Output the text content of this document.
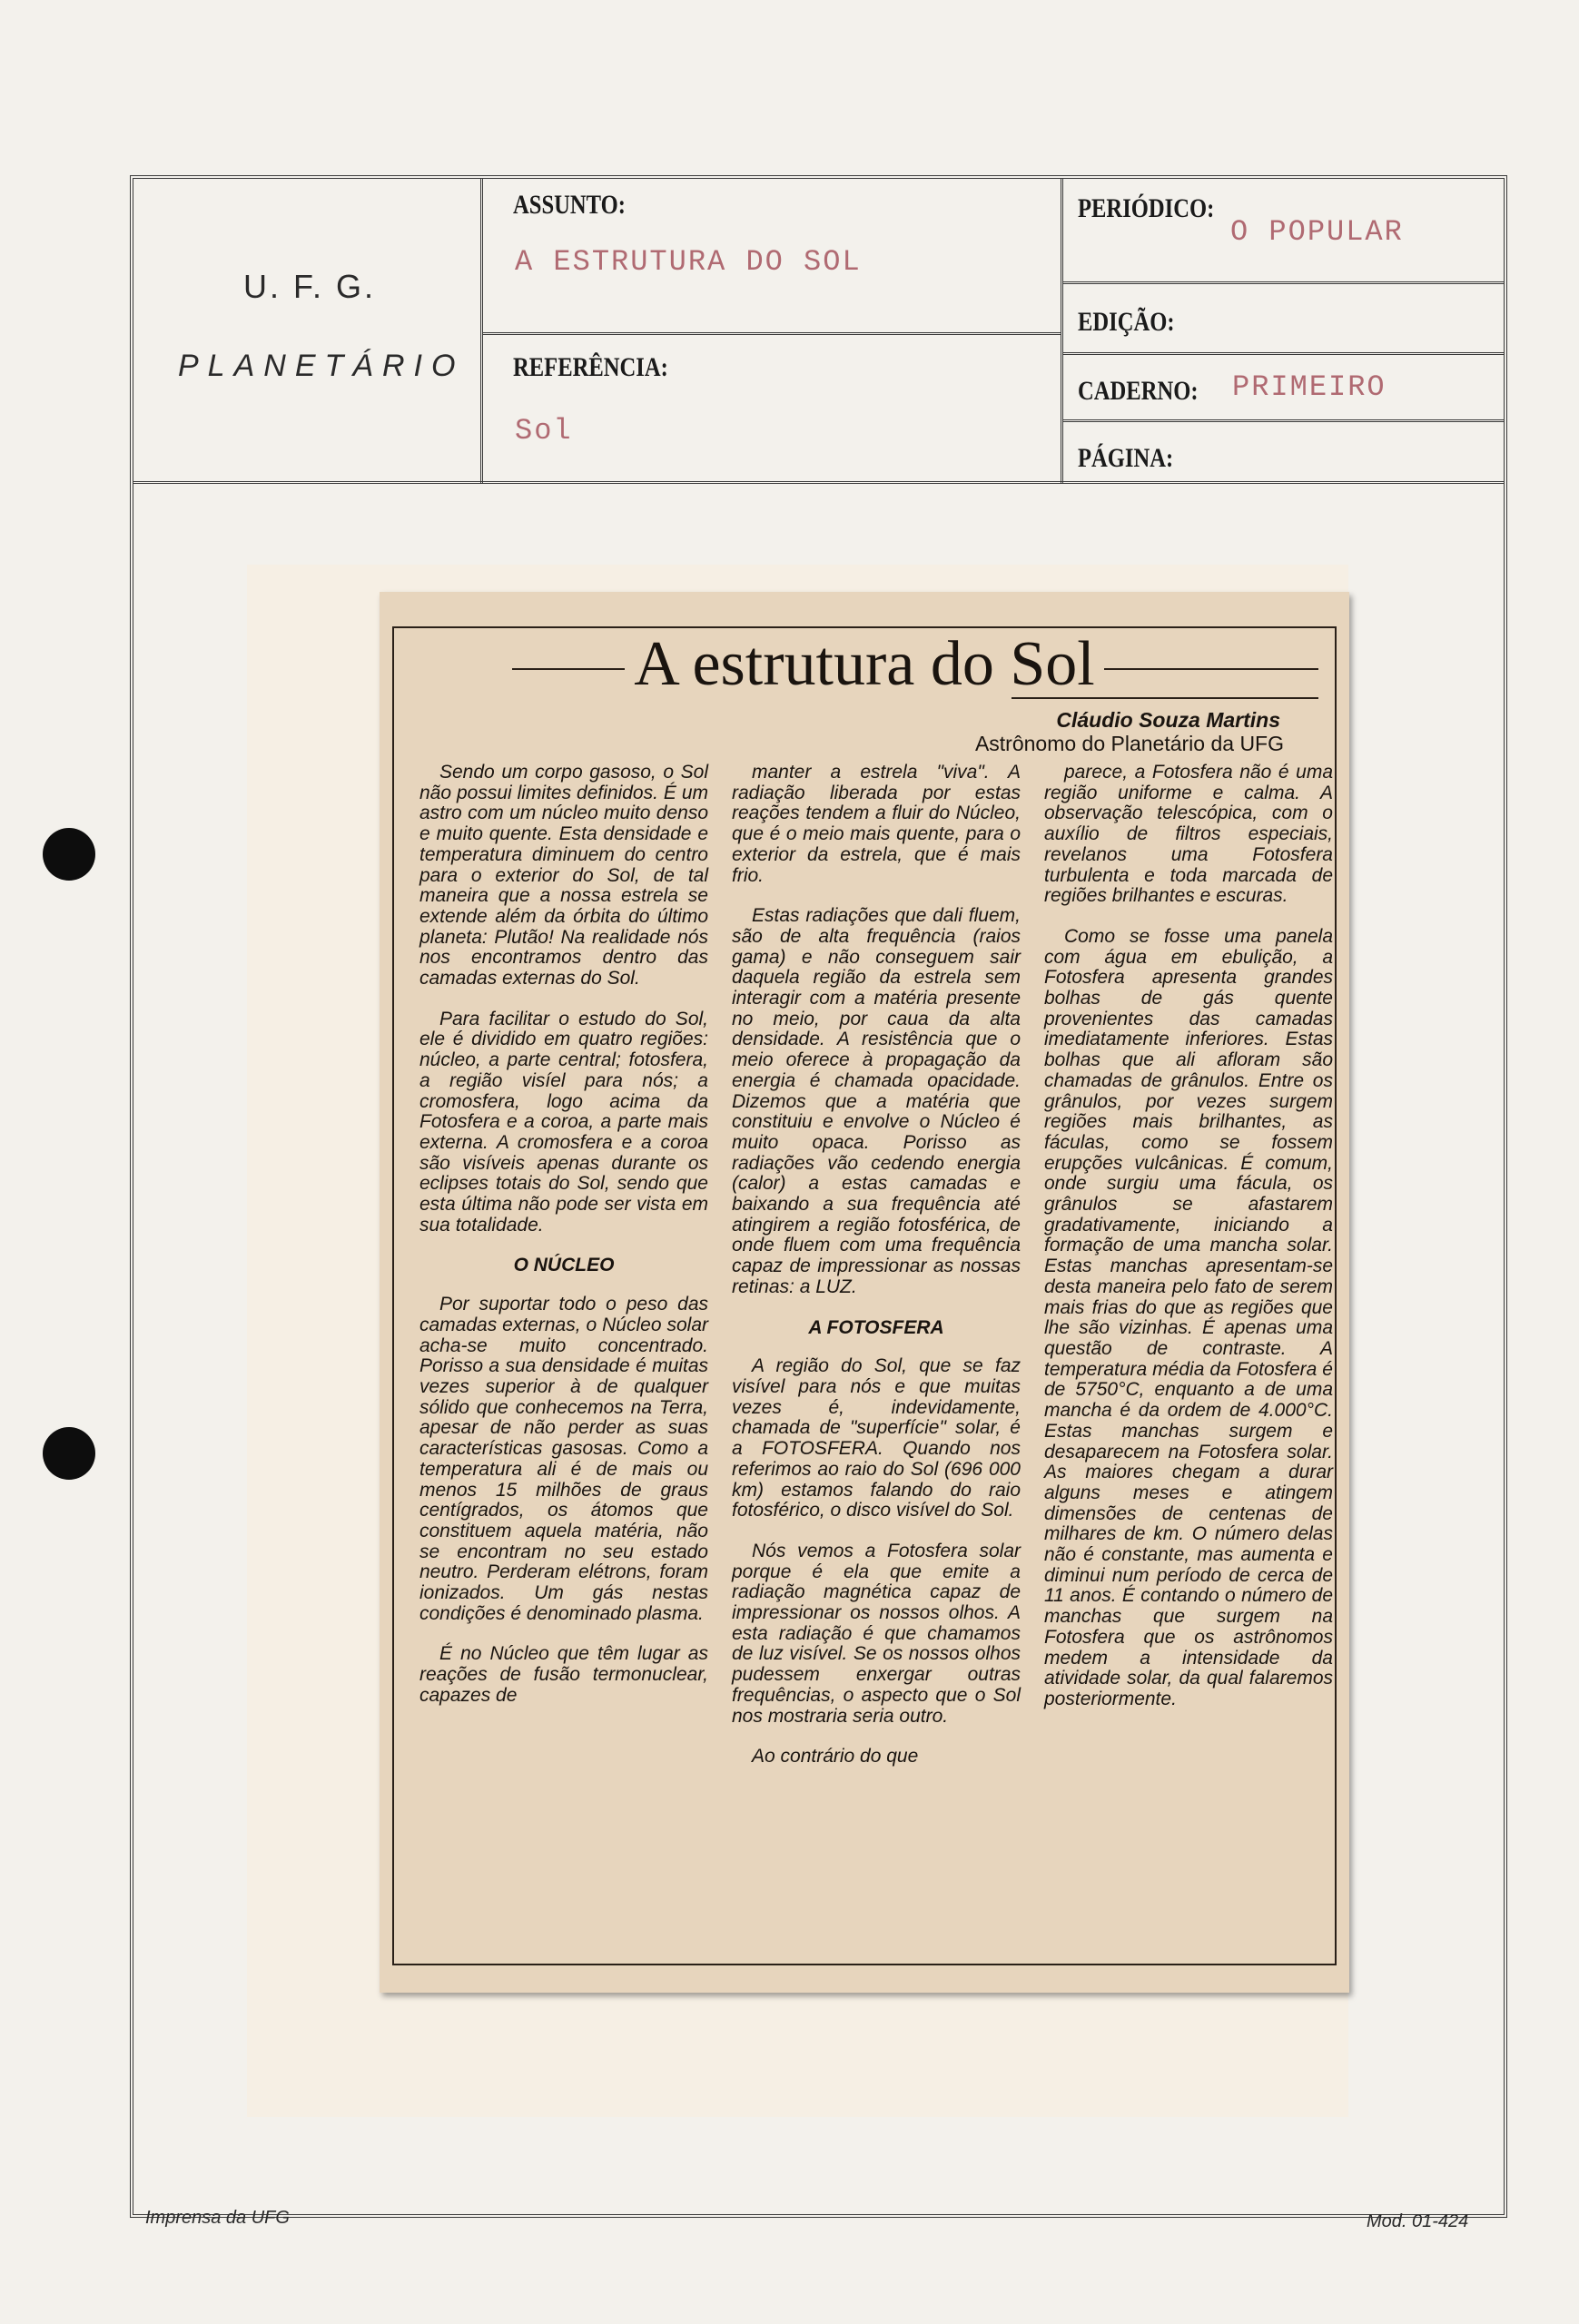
U. F. G.
PLANETÁRIO
ASSUNTO:
A ESTRUTURA DO SOL
REFERÊNCIA:
Sol
PERIÓDICO:
O POPULAR
EDIÇÃO:
CADERNO: PRIMEIRO
PÁGINA:
A estrutura do Sol
Cláudio Souza Martins
Astrônomo do Planetário da UFG

Sendo um corpo gasoso, o Sol não possui limites definidos. É um astro com um núcleo muito denso e muito quente. Esta densidade e temperatura diminuem do centro para o exterior do Sol, de tal maneira que a nossa estrela se extende além da órbita do último planeta: Plutão! Na realidade nós nos encontramos dentro das camadas externas do Sol.

Para facilitar o estudo do Sol, ele é dividido em quatro regiões: núcleo, a parte central; fotosfera, a região visíel para nós; a cromosfera, logo acima da Fotosfera e a coroa, a parte mais externa. A cromosfera e a coroa são visíveis apenas durante os eclipses totais do Sol, sendo que esta última não pode ser vista em sua totalidade.

O NÚCLEO

Por suportar todo o peso das camadas externas, o Núcleo solar acha-se muito concentrado. Porisso a sua densidade é muitas vezes superior à de qualquer sólido que conhecemos na Terra, apesar de não perder as suas características gasosas. Como a temperatura ali é de mais ou menos 15 milhões de graus centígrados, os átomos que constituem aquela matéria, não se encontram no seu estado neutro. Perderam elétrons, foram ionizados. Um gás nestas condições é denominado plasma.

É no Núcleo que têm lugar as reações de fusão termonuclear, capazes de

manter a estrela "viva". A radiação liberada por estas reações tendem a fluir do Núcleo, que é o meio mais quente, para o exterior da estrela, que é mais frio.

Estas radiações que dali fluem, são de alta frequência (raios gama) e não conseguem sair daquela região da estrela sem interagir com a matéria presente no meio, por caua da alta densidade. A resistência que o meio oferece à propagação da energia é chamada opacidade. Dizemos que a matéria que constituiu e envolve o Núcleo é muito opaca. Porisso as radiações vão cedendo energia (calor) a estas camadas e baixando a sua frequência até atingirem a região fotosférica, de onde fluem com uma frequência capaz de impressionar as nossas retinas: a LUZ.

A FOTOSFERA

A região do Sol, que se faz visível para nós e que muitas vezes é, indevidamente, chamada de "superfície" solar, é a FOTOSFERA. Quando nos referimos ao raio do Sol (696 000 km) estamos falando do raio fotosférico, o disco visível do Sol.

Nós vemos a Fotosfera solar porque é ela que emite a radiação magnética capaz de impressionar os nossos olhos. A esta radiação é que chamamos de luz visível. Se os nossos olhos pudessem enxergar outras frequências, o aspecto que o Sol nos mostraria seria outro.

Ao contrário do que

parece, a Fotosfera não é uma região uniforme e calma. A observação telescópica, com o auxílio de filtros especiais, revelanos uma Fotosfera turbulenta e toda marcada de regiões brilhantes e escuras.

Como se fosse uma panela com água em ebulição, a Fotosfera apresenta grandes bolhas de gás quente provenientes das camadas imediatamente inferiores. Estas bolhas que ali afloram são chamadas de grânulos. Entre os grânulos, por vezes surgem regiões mais brilhantes, as fáculas, como se fossem erupções vulcânicas. É comum, onde surgiu uma fácula, os grânulos se afastarem gradativamente, iniciando a formação de uma mancha solar. Estas manchas apresentam-se desta maneira pelo fato de serem mais frias do que as regiões que lhe são vizinhas. É apenas uma questão de contraste. A temperatura média da Fotosfera é de 5750°C, enquanto a de uma mancha é da ordem de 4.000°C. Estas manchas surgem e desaparecem na Fotosfera solar. As maiores chegam a durar alguns meses e atingem dimensões de centenas de milhares de km. O número delas não é constante, mas aumenta e diminui num período de cerca de 11 anos. É contando o número de manchas que surgem na Fotosfera que os astrônomos medem a intensidade da atividade solar, da qual falaremos posteriormente.

Imprensa da UFG	Mod. 01-424
